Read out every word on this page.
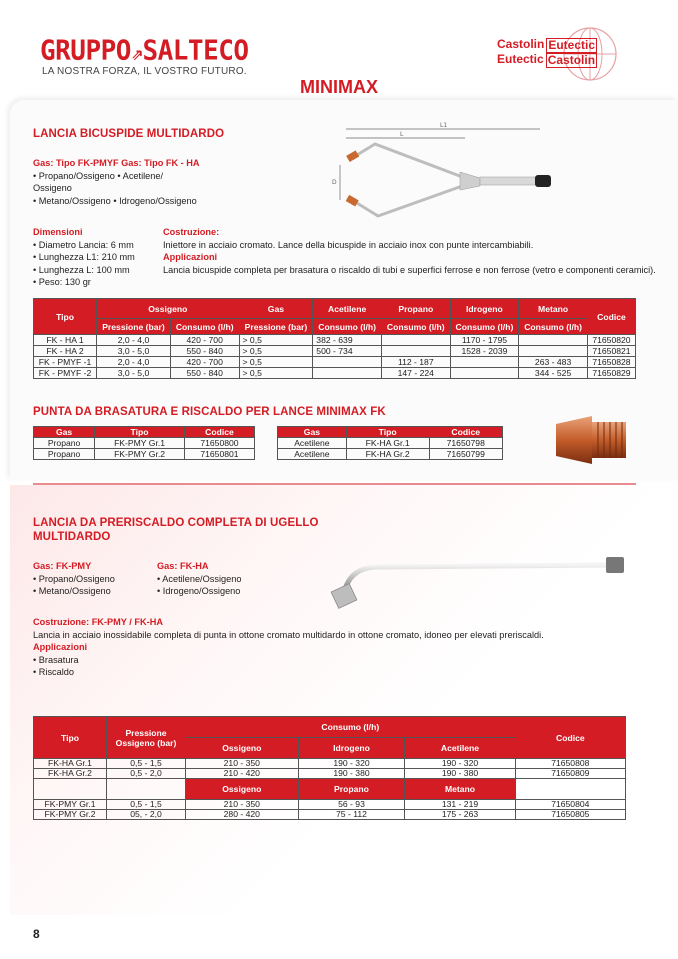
GRUPPO⇗SALTECO
LA NOSTRA FORZA, IL VOSTRO FUTURO.
Castolin Eutectic
Eutectic Castolin
MINIMAX
LANCIA BICUSPIDE MULTIDARDO
L1
L
D
Gas: Tipo FK-PMYF Gas: Tipo FK - HA
• Propano/Ossigeno • Acetilene/
Ossigeno
• Metano/Ossigeno • Idrogeno/Ossigeno
Dimensioni
• Diametro Lancia: 6 mm
• Lunghezza L1: 210 mm
• Lunghezza L: 100 mm
• Peso: 130 gr
Costruzione:
Iniettore in acciaio cromato. Lance della bicuspide in acciaio inox con punte intercambiabili.
Applicazioni
Lancia bicuspide completa per brasatura o riscaldo di tubi e superfici ferrose e non ferrose (vetro e componenti ceramici).
Tipo	Ossigeno		Gas	Acetilene	Propano	Idrogeno	Metano	Codice
	Pressione (bar)	Consumo (l/h)	Pressione (bar)	Consumo (l/h)	Consumo (l/h)	Consumo (l/h)	Consumo (l/h)	
FK - HA 1	2,0 - 4,0	420 - 700	> 0,5	382 - 639		1170 - 1795		71650820
FK - HA 2	3,0 - 5,0	550 - 840	> 0,5	500 - 734		1528 - 2039		71650821
FK - PMYF -1	2,0 - 4,0	420 - 700	> 0,5		112 - 187		263 - 483	71650828
FK - PMYF -2	3,0 - 5,0	550 - 840	> 0,5		147 - 224		344 - 525	71650829
PUNTA DA BRASATURA E RISCALDO PER LANCE MINIMAX FK
Gas	Tipo	Codice
Propano	FK-PMY Gr.1	71650800
Propano	FK-PMY Gr.2	71650801
Gas	Tipo	Codice
Acetilene	FK-HA Gr.1	71650798
Acetilene	FK-HA Gr.2	71650799
LANCIA DA PRERISCALDO COMPLETA DI UGELLO
MULTIDARDO
Gas: FK-PMY
• Propano/Ossigeno
• Metano/Ossigeno
Gas: FK-HA
• Acetilene/Ossigeno
• Idrogeno/Ossigeno
Costruzione: FK-PMY / FK-HA
Lancia in acciaio inossidabile completa di punta in ottone cromato multidardo in ottone cromato, idoneo per elevati preriscaldi.
Applicazioni
• Brasatura
• Riscaldo
Tipo	Pressione Ossigeno (bar)	Consumo (l/h)			Codice
		Ossigeno	Idrogeno	Acetilene	
FK-HA Gr.1	0,5 - 1,5	210 - 350	190 - 320	190 - 320	71650808
FK-HA Gr.2	0,5 - 2,0	210 - 420	190 - 380	190 - 380	71650809
		Ossigeno	Propano	Metano	
FK-PMY Gr.1	0,5 - 1,5	210 - 350	56 - 93	131 - 219	71650804
FK-PMY Gr.2	05, - 2,0	280 - 420	75 - 112	175 - 263	71650805
8
